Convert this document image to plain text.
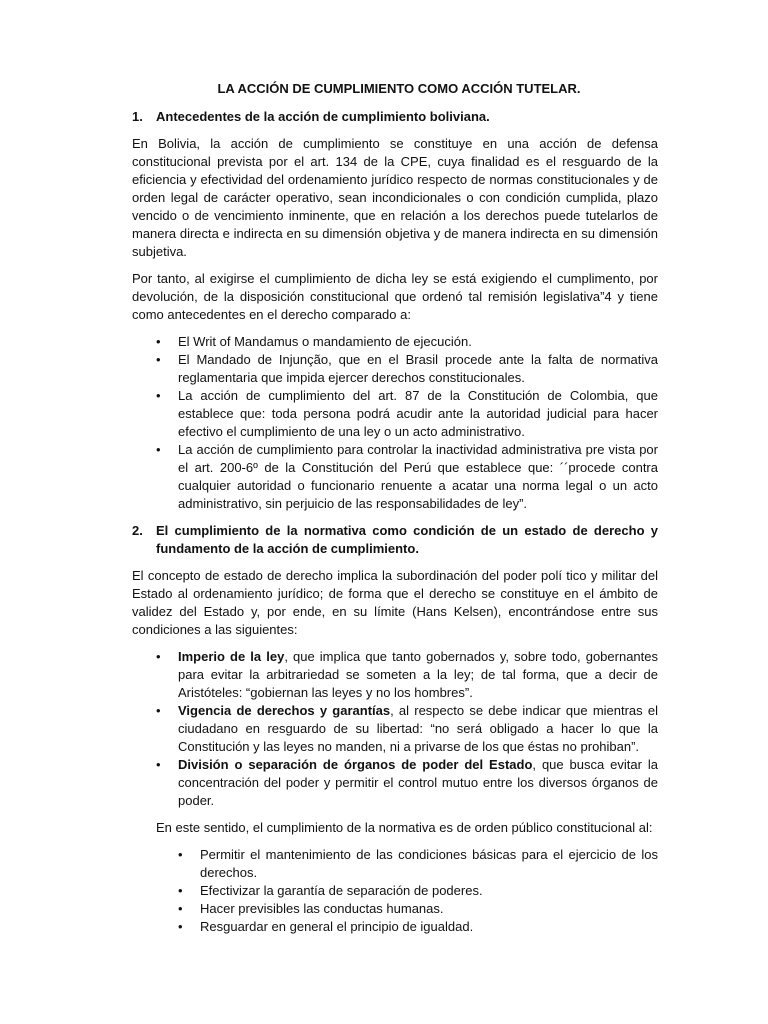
LA ACCIÓN DE CUMPLIMIENTO COMO ACCIÓN TUTELAR.
1.	Antecedentes de la acción de cumplimiento boliviana.

En Bolivia, la acción de cumplimiento se constituye en una acción de defensa constitucional prevista por el art. 134 de la CPE, cuya finalidad es el resguardo de la eficiencia y efectividad del ordenamiento jurídico respecto de normas constitucionales y de orden legal de carácter operativo, sean incondicionales o con condición cumplida, plazo vencido o de vencimiento inminente, que en relación a los derechos puede tutelarlos de manera directa e indirecta en su dimensión objetiva y de manera indirecta en su dimensión subjetiva.

Por tanto, al exigirse el cumplimiento de dicha ley se está exigiendo el cumplimento, por devolución, de la disposición constitucional que ordenó tal remisión legislativa”4 y tiene como antecedentes en el derecho comparado a:

•	El Writ of Mandamus o mandamiento de ejecución.
•	El Mandado de Injunção, que en el Brasil procede ante la falta de normativa reglamentaria que impida ejercer derechos constitucionales.
•	La acción de cumplimiento del art. 87 de la Constitución de Colombia, que establece que: toda persona podrá acudir ante la autoridad judicial para hacer efectivo el cumplimiento de una ley o un acto administrativo.
•	La acción de cumplimiento para controlar la inactividad administrativa pre vista por el art. 200-6º de la Constitución del Perú que establece que: ´´procede contra cualquier autoridad o funcionario renuente a acatar una norma legal o un acto administrativo, sin perjuicio de las responsabilidades de ley”.
2.	El cumplimiento de la normativa como condición de un estado de derecho y fundamento de la acción de cumplimiento.

El concepto de estado de derecho implica la subordinación del poder polí tico y militar del Estado al ordenamiento jurídico; de forma que el derecho se constituye en el ámbito de validez del Estado y, por ende, en su límite (Hans Kelsen), encontrándose entre sus condiciones a las siguientes:

•	Imperio de la ley, que implica que tanto gobernados y, sobre todo, gobernantes para evitar la arbitrariedad se someten a la ley; de tal forma, que a decir de Aristóteles: “gobiernan las leyes y no los hombres”.
•	Vigencia de derechos y garantías, al respecto se debe indicar que mientras el ciudadano en resguardo de su libertad: “no será obligado a hacer lo que la Constitución y las leyes no manden, ni a privarse de los que éstas no prohiban”.
•	División o separación de órganos de poder del Estado, que busca evitar la concentración del poder y permitir el control mutuo entre los diversos órganos de poder.

En este sentido, el cumplimiento de la normativa es de orden público constitucional al:

•	Permitir el mantenimiento de las condiciones básicas para el ejercicio de los derechos.
•	Efectivizar la garantía de separación de poderes.
•	Hacer previsibles las conductas humanas.
•	Resguardar en general el principio de igualdad.
